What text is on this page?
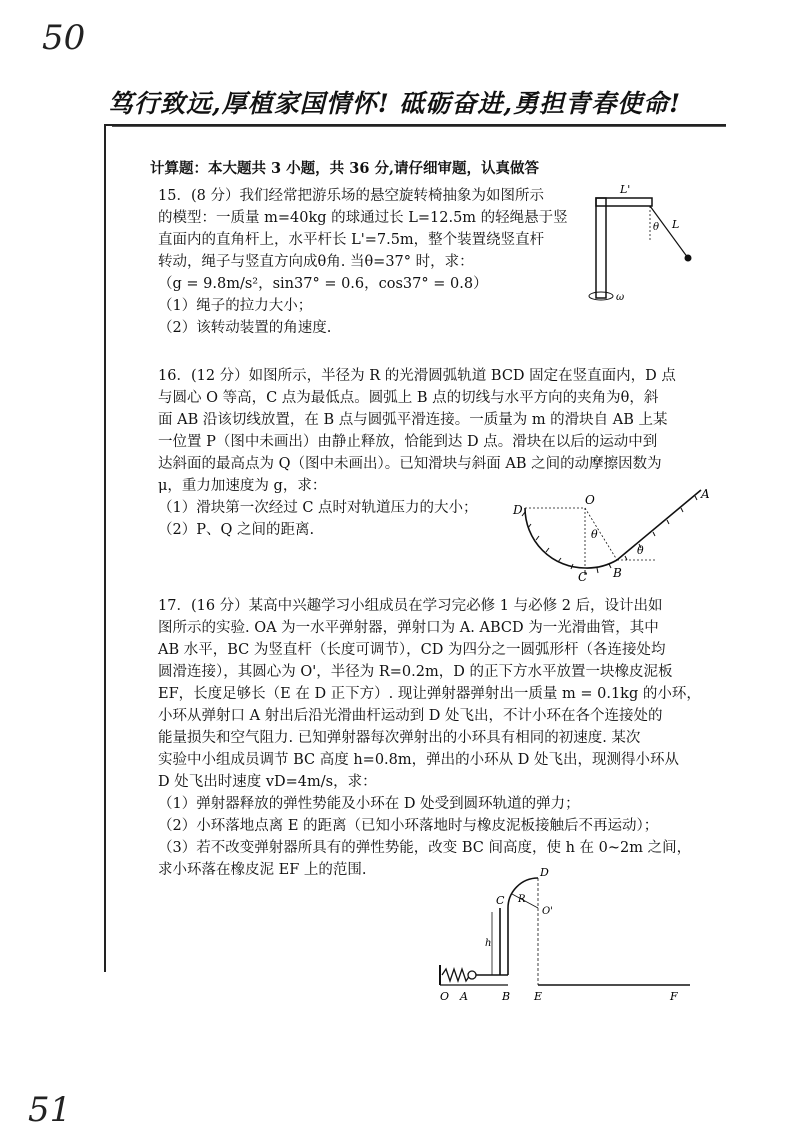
50
51
笃行致远,厚植家国情怀! 砥砺奋进,勇担青春使命!
计算题：本大题共 3 小题，共 36 分,请仔细审题，认真做答
15．(8 分）我们经常把游乐场的悬空旋转椅抽象为如图所示
的模型：一质量 m=40kg 的球通过长 L=12.5m 的轻绳悬于竖
直面内的直角杆上，水平杆长 L'=7.5m，整个装置绕竖直杆
转动，绳子与竖直方向成θ角. 当θ=37° 时，求：
（g = 9.8m/s²，sin37° = 0.6，cos37° = 0.8）
（1）绳子的拉力大小；
（2）该转动装置的角速度.
L'
L
θ
ω
16．(12 分）如图所示，半径为 R 的光滑圆弧轨道 BCD 固定在竖直面内，D 点
与圆心 O 等高，C 点为最低点。圆弧上 B 点的切线与水平方向的夹角为θ，斜
面 AB 沿该切线放置，在 B 点与圆弧平滑连接。一质量为 m 的滑块自 AB 上某
一位置 P（图中未画出）由静止释放，恰能到达 D 点。滑块在以后的运动中到
达斜面的最高点为 Q（图中未画出）。已知滑块与斜面 AB 之间的动摩擦因数为
μ，重力加速度为 g，求：
（1）滑块第一次经过 C 点时对轨道压力的大小；
（2）P、Q 之间的距离.
A
B
C
D
O
θ
θ
17．(16 分）某高中兴趣学习小组成员在学习完必修 1 与必修 2 后，设计出如
图所示的实验. OA 为一水平弹射器，弹射口为 A. ABCD 为一光滑曲管，其中
AB 水平，BC 为竖直杆（长度可调节），CD 为四分之一圆弧形杆（各连接处均
圆滑连接），其圆心为 O'，半径为 R=0.2m，D 的正下方水平放置一块橡皮泥板
EF，长度足够长（E 在 D 正下方）. 现让弹射器弹射出一质量 m = 0.1kg 的小环，
小环从弹射口 A 射出后沿光滑曲杆运动到 D 处飞出，不计小环在各个连接处的
能量损失和空气阻力. 已知弹射器每次弹射出的小环具有相同的初速度. 某次
实验中小组成员调节 BC 高度 h=0.8m，弹出的小环从 D 处飞出，现测得小环从
D 处飞出时速度 vD=4m/s，求：
（1）弹射器释放的弹性势能及小环在 D 处受到圆环轨道的弹力；
（2）小环落地点离 E 的距离（已知小环落地时与橡皮泥板接触后不再运动）；
（3）若不改变弹射器所具有的弹性势能，改变 BC 间高度，使 h 在 0~2m 之间，
求小环落在橡皮泥 EF 上的范围.
O A	B
C
D
E	F
R
O'
h
